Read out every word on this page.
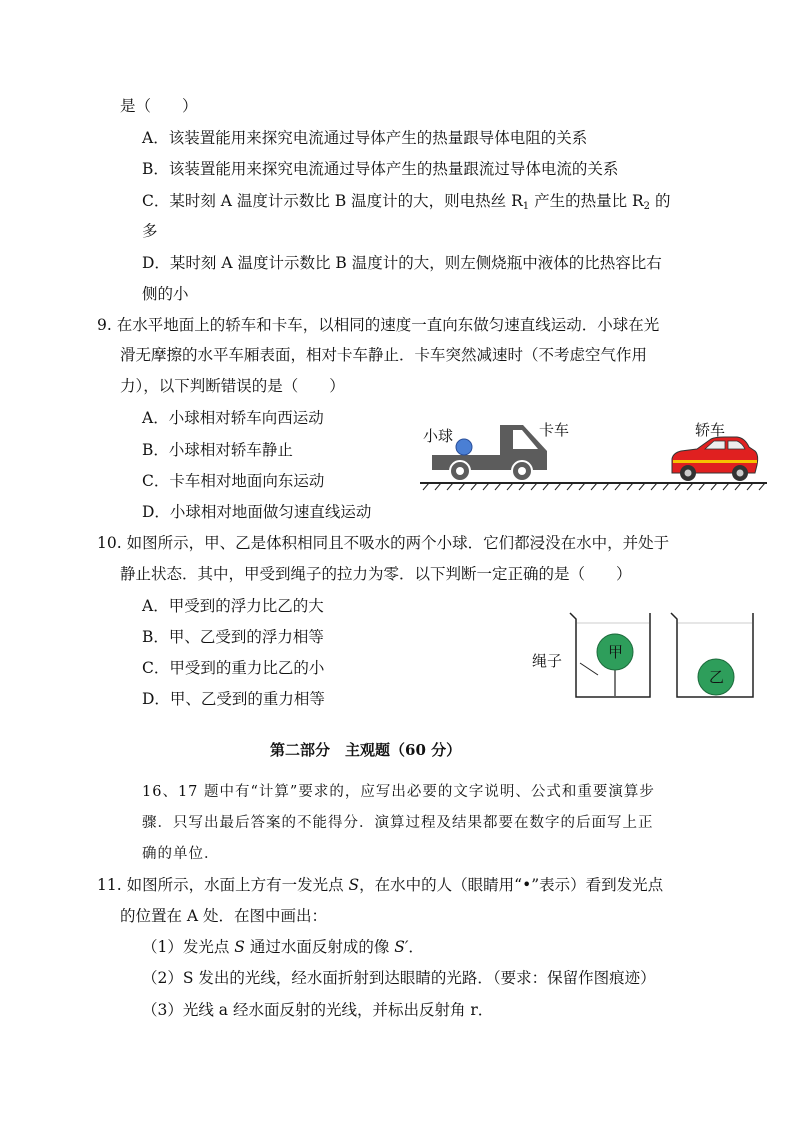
是（　　）
A．该装置能用来探究电流通过导体产生的热量跟导体电阻的关系
B．该装置能用来探究电流通过导体产生的热量跟流过导体电流的关系
C．某时刻 A 温度计示数比 B 温度计的大，则电热丝 $R_1$ 产生的热量比 $R_2$ 的
多
D．某时刻 A 温度计示数比 B 温度计的大，则左侧烧瓶中液体的比热容比右
侧的小
9. 在水平地面上的轿车和卡车，以相同的速度一直向东做匀速直线运动．小球在光
滑无摩擦的水平车厢表面，相对卡车静止．卡车突然减速时（不考虑空气作用
力），以下判断错误的是（　　）
A．小球相对轿车向西运动
B．小球相对轿车静止
C．卡车相对地面向东运动
D．小球相对地面做匀速直线运动
小球	卡车	轿车
10. 如图所示，甲、乙是体积相同且不吸水的两个小球．它们都浸没在水中，并处于
静止状态．其中，甲受到绳子的拉力为零．以下判断一定正确的是（　　）
A．甲受到的浮力比乙的大
B．甲、乙受到的浮力相等
C．甲受到的重力比乙的小
D．甲、乙受到的重力相等
绳子	甲
乙
第二部分　主观题（60 分）
16、17 题中有“计算”要求的，应写出必要的文字说明、公式和重要演算步
骤．只写出最后答案的不能得分．演算过程及结果都要在数字的后面写上正
确的单位．
11. 如图所示，水面上方有一发光点 S，在水中的人（眼睛用“•”表示）看到发光点
的位置在 A 处．在图中画出：
（1）发光点 S 通过水面反射成的像 S′．
（2）S 发出的光线，经水面折射到达眼睛的光路．（要求：保留作图痕迹）
（3）光线 a 经水面反射的光线，并标出反射角 r．
